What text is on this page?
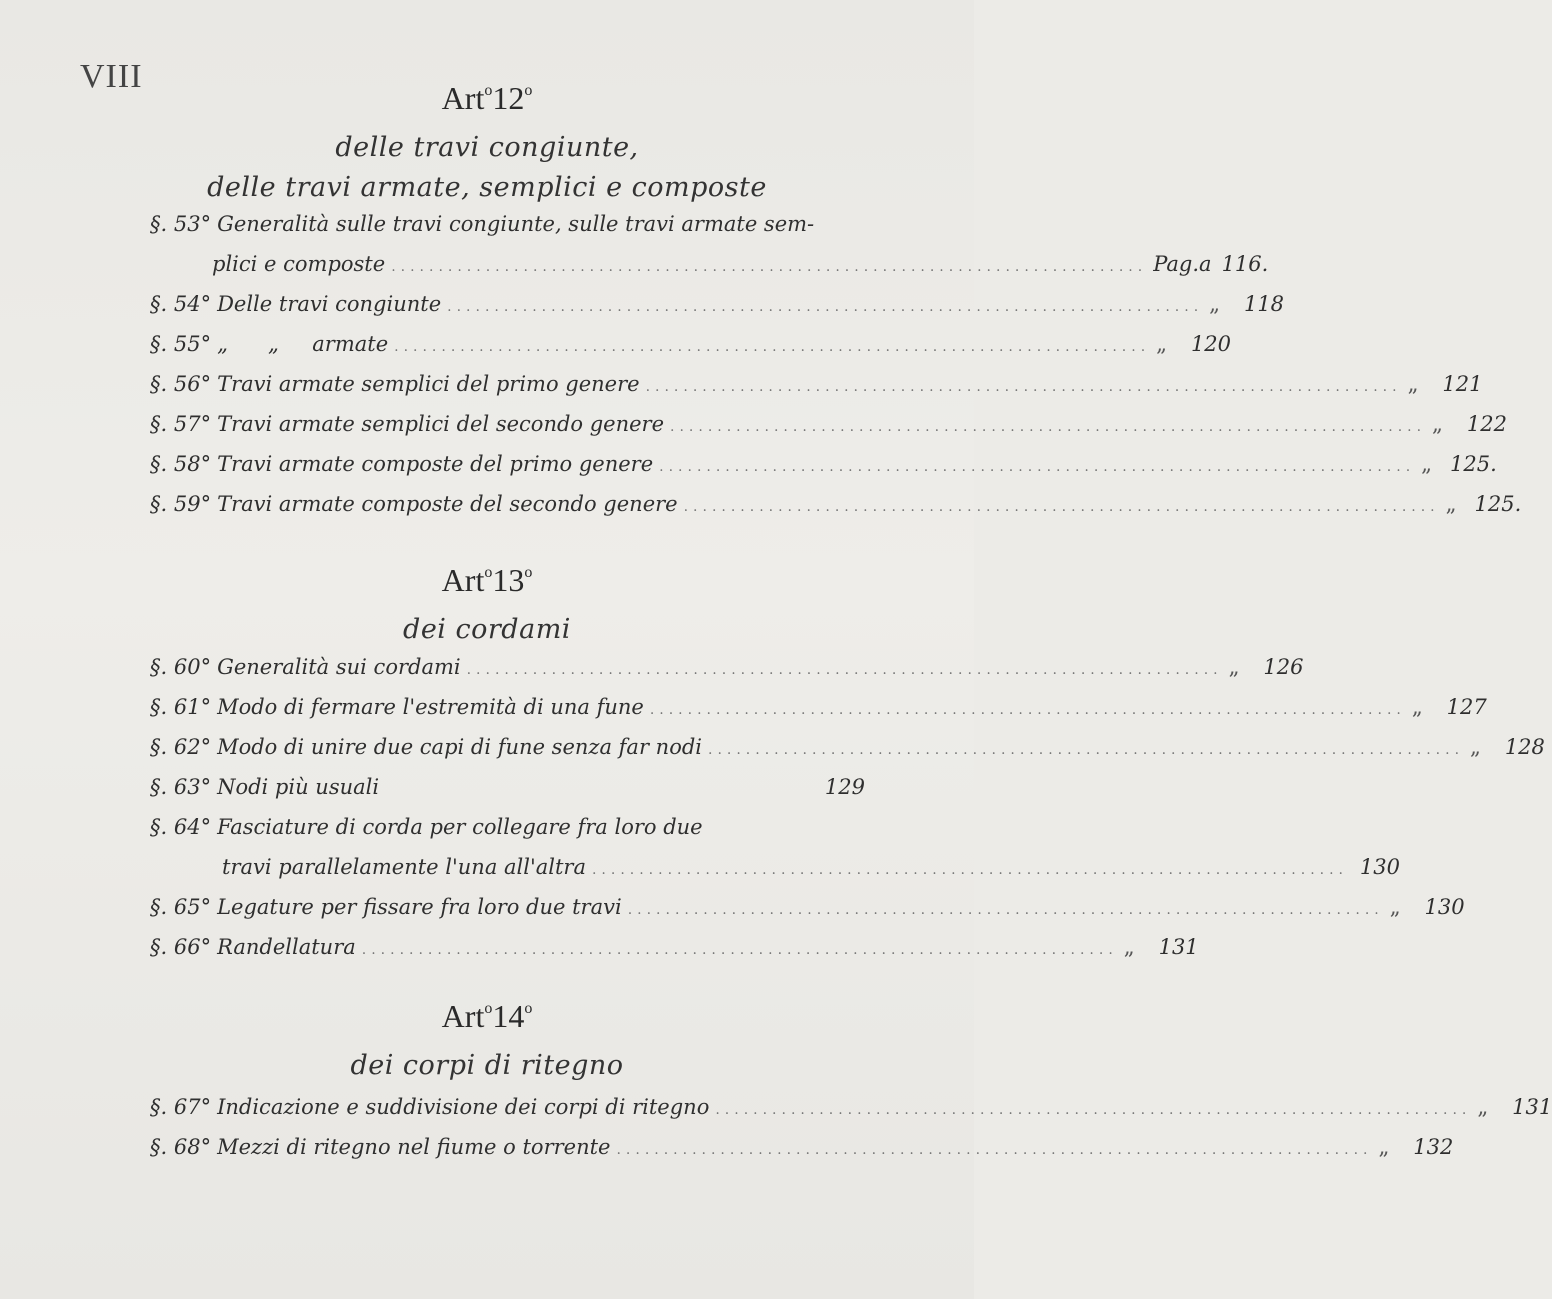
VIII
Art$^o$12$^o$
delle travi congiunte,
delle travi armate, semplici e composte
§. 53° Generalità sulle travi congiunte, sulle travi armate sem-
plici e composte ................................................................................ Pag.a 116.
§. 54° Delle travi congiunte ................................................................................ „ 118
§. 55° „      „     armate ................................................................................ „ 120
§. 56° Travi armate semplici del primo genere ................................................................................ „ 121
§. 57° Travi armate semplici del secondo genere ................................................................................ „ 122
§. 58° Travi armate composte del primo genere ................................................................................ „ 125.
§. 59° Travi armate composte del secondo genere ................................................................................ „ 125.
Art$^o$13$^o$
dei cordami
§. 60° Generalità sui cordami ................................................................................ „ 126
§. 61° Modo di fermare l'estremità di una fune ................................................................................ „ 127
§. 62° Modo di unire due capi di fune senza far nodi ................................................................................ „ 128
§. 63° Nodi più usuali	129
§. 64° Fasciature di corda per collegare fra loro due
travi parallelamente l'una all'altra ................................................................................ 130
§. 65° Legature per fissare fra loro due travi ................................................................................ „ 130
§. 66° Randellatura ................................................................................ „ 131
Art$^o$14$^o$
dei corpi di ritegno
§. 67° Indicazione e suddivisione dei corpi di ritegno ................................................................................ „ 131
§. 68° Mezzi di ritegno nel fiume o torrente ................................................................................ „ 132
